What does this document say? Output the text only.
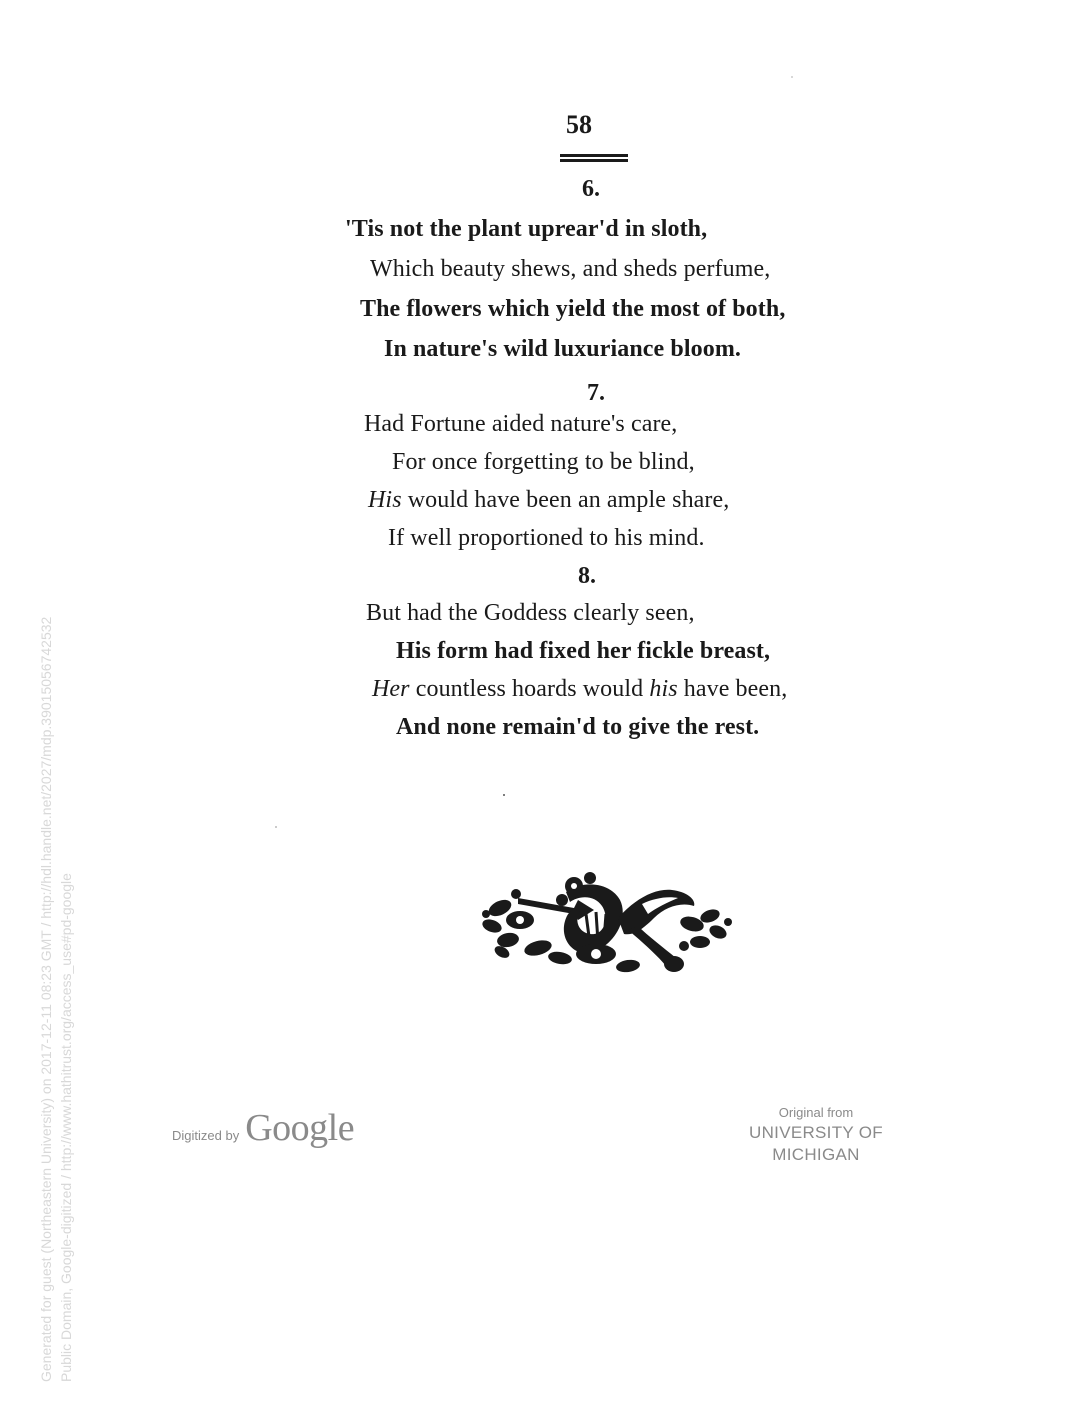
58
6.
'Tis not the plant uprear'd in sloth,
Which beauty shews, and sheds perfume,
The flowers which yield the most of both,
In nature's wild luxuriance bloom.
7.
Had Fortune aided nature's care,
For once forgetting to be blind,
His would have been an ample share,
If well proportioned to his mind.
8.
But had the Goddess clearly seen,
His form had fixed her fickle breast,
Her countless hoards would his have been,
And none remain'd to give the rest.
Generated for guest (Northeastern University) on 2017-12-11 08:23 GMT / http://hdl.handle.net/2027/mdp.39015056742532 Public Domain, Google-digitized / http://www.hathitrust.org/access_use#pd-google	Digitized by Google	Original from
UNIVERSITY OF MICHIGAN
